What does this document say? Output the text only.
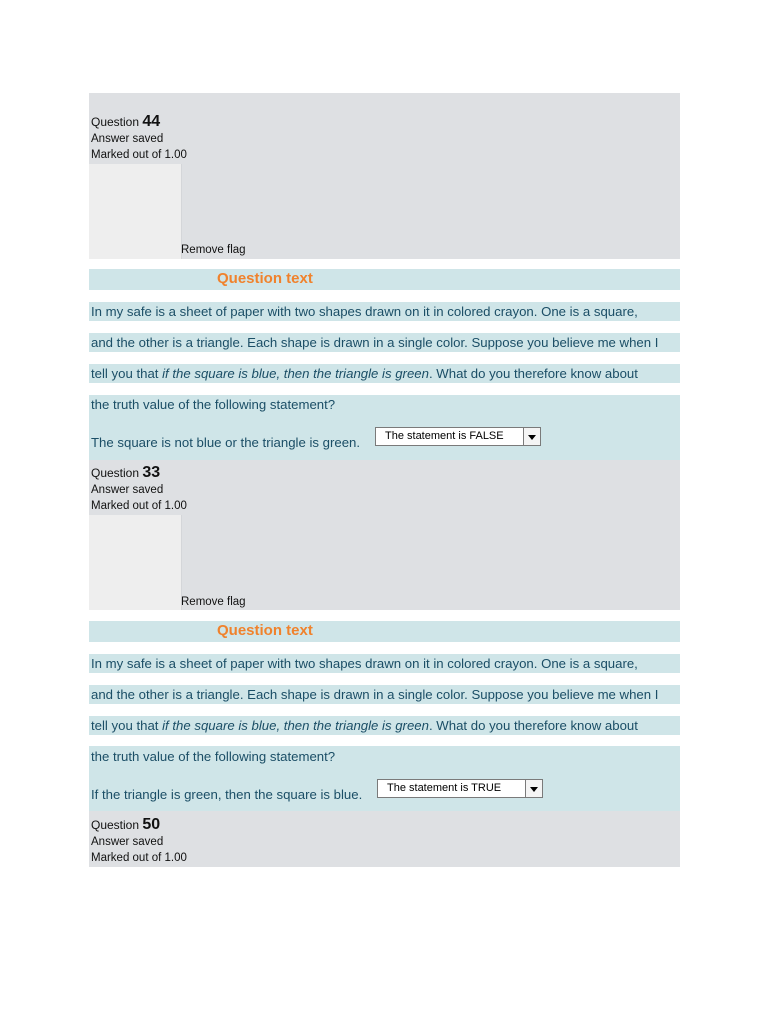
Question 44
Answer saved
Marked out of 1.00
Remove flag
Question text
In my safe is a sheet of paper with two shapes drawn on it in colored crayon. One is a square,
and the other is a triangle. Each shape is drawn in a single color. Suppose you believe me when I
tell you that if the square is blue, then the triangle is green. What do you therefore know about
the truth value of the following statement?
The square is not blue or the triangle is green. The statement is FALSE
Question 33
Answer saved
Marked out of 1.00
Remove flag
Question text
In my safe is a sheet of paper with two shapes drawn on it in colored crayon. One is a square,
and the other is a triangle. Each shape is drawn in a single color. Suppose you believe me when I
tell you that if the square is blue, then the triangle is green. What do you therefore know about
the truth value of the following statement?
If the triangle is green, then the square is blue. The statement is TRUE
Question 50
Answer saved
Marked out of 1.00
